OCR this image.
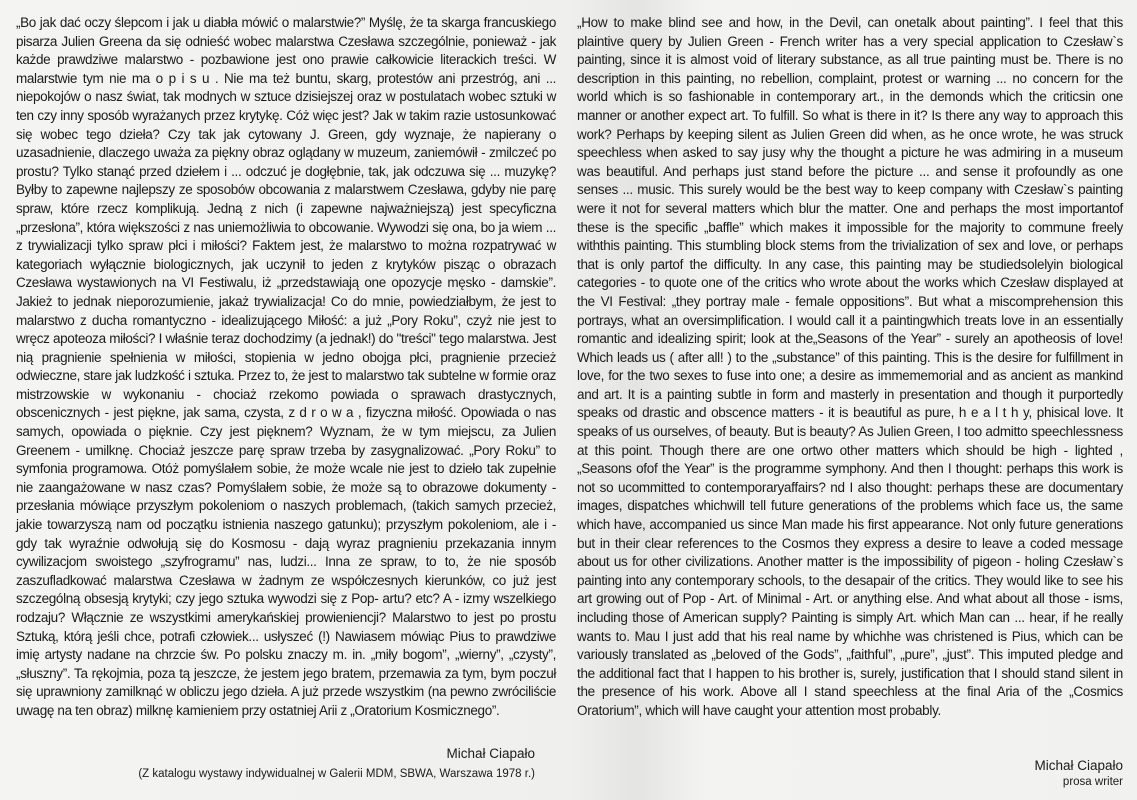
„Bo jak dać oczy ślepcom i jak u diabła mówić o malarstwie?” Myślę, że ta skarga francuskiego pisarza Julien Greena da się odnieść wobec malarstwa Czesława szczególnie, ponieważ - jak każde prawdziwe malarstwo - pozbawione jest ono prawie całkowicie literackich treści. W malarstwie tym nie ma o p i s u . Nie ma też buntu, skarg, protestów ani przestróg, ani ... niepokojów o nasz świat, tak modnych w sztuce dzisiejszej oraz w postulatach wobec sztuki w ten czy inny sposób wyrażanych przez krytykę. Cóż więc jest? Jak w takim razie ustosunkować się wobec tego dzieła? Czy tak jak cytowany J. Green, gdy wyznaje, że napierany o uzasadnienie, dlaczego uważa za piękny obraz oglądany w muzeum, zaniemówił - zmilczeć po prostu? Tylko stanąć przed dziełem i ... odczuć je dogłębnie, tak, jak odczuwa się ... muzykę? Byłby to zapewne najlepszy ze sposobów obcowania z malarstwem Czesława, gdyby nie parę spraw, które rzecz komplikują. Jedną z nich (i zapewne najważniejszą) jest specyficzna „przesłona”, która większości z nas uniemożliwia to obcowanie. Wywodzi się ona, bo ja wiem ... z trywializacji tylko spraw płci i miłości? Faktem jest, że malarstwo to można rozpatrywać w kategoriach wyłącznie biologicznych, jak uczynił to jeden z krytyków pisząc o obrazach Czesława wystawionych na VI Festiwalu, iż „przedstawiają one opozycje męsko - damskie”. Jakież to jednak nieporozumienie, jakaż trywializacja! Co do mnie, powiedziałbym, że jest to malarstwo z ducha romantyczno - idealizującego Miłość: a już „Pory Roku”, czyż nie jest to wręcz apoteoza miłości? I właśnie teraz dochodzimy (a jednak!) do "treści" tego malarstwa. Jest nią pragnienie spełnienia w miłości, stopienia w jedno obojga płci, pragnienie przecież odwieczne, stare jak ludzkość i sztuka. Przez to, że jest to malarstwo tak subtelne w formie oraz mistrzowskie w wykonaniu - chociaż rzekomo powiada o sprawach drastycznych, obscenicznych - jest piękne, jak sama, czysta, z d r o w a , fizyczna miłość. Opowiada o nas samych, opowiada o pięknie. Czy jest pięknem? Wyznam, że w tym miejscu, za Julien Greenem - umilknę. Chociaż jeszcze parę spraw trzeba by zasygnalizować. „Pory Roku” to symfonia programowa. Otóż pomyślałem sobie, że może wcale nie jest to dzieło tak zupełnie nie zaangażowane w nasz czas? Pomyślałem sobie, że może są to obrazowe dokumenty - przesłania mówiące przyszłym pokoleniom o naszych problemach, (takich samych przecież, jakie towarzyszą nam od początku istnienia naszego gatunku); przyszłym pokoleniom, ale i - gdy tak wyraźnie odwołują się do Kosmosu - dają wyraz pragnieniu przekazania innym cywilizacjom swoistego „szyfrogramu” nas, ludzi... Inna ze spraw, to to, że nie sposób zaszufladkować malarstwa Czesława w żadnym ze współczesnych kierunków, co już jest szczególną obsesją krytyki; czy jego sztuka wywodzi się z Pop- artu? etc? A - izmy wszelkiego rodzaju? Włącznie ze wszystkimi amerykańskiej prowieniencji? Malarstwo to jest po prostu Sztuką, którą jeśli chce, potrafi człowiek... usłyszeć (!) Nawiasem mówiąc Pius to prawdziwe imię artysty nadane na chrzcie św. Po polsku znaczy m. in. „miły bogom”, „wierny”, „czysty”,„słuszny”. Ta rękojmia, poza tą jeszcze, że jestem jego bratem, przemawia za tym, bym poczuł się uprawniony zamilknąć w obliczu jego dzieła. A już przede wszystkim (na pewno zwróciliście uwagę na ten obraz) milknę kamieniem przy ostatniej Arii z „Oratorium Kosmicznego”.

„How to make blind see and how, in the Devil, can onetalk about painting”. I feel that this plaintive query by Julien Green - French writer has a very special application to Czesław`s painting, since it is almost void of literary substance, as all true painting must be. There is no description in this painting, no rebellion, complaint, protest or warning ... no concern for the world which is so fashionable in contemporary art., in the demonds which the criticsin one manner or another expect art. To fulfill. So what is there in it? Is there any way to approach this work? Perhaps by keeping silent as Julien Green did when, as he once wrote, he was struck speechless when asked to say jusy why the thought a picture he was admiring in a museum was beautiful. And perhaps just stand before the picture ... and sense it profoundly as one senses ... music. This surely would be the best way to keep company with Czesław`s painting were it not for several matters which blur the matter. One and perhaps the most importantof these is the specific „baffle” which makes it impossible for the majority to commune freely withthis painting. This stumbling block stems from the trivialization of sex and love, or perhaps that is only partof the difficulty. In any case, this painting may be studiedsolelyin biological categories - to quote one of the critics who wrote about the works which Czesław displayed at the VI Festival: „they portray male - female oppositions”. But what a miscomprehension this portrays, what an oversimplification. I would call it a paintingwhich treats love in an essentially romantic and idealizing spirit; look at the„Seasons of the Year” - surely an apotheosis of love! Which leads us ( after all! ) to the „substance” of this painting. This is the desire for fulfillment in love, for the two sexes to fuse into one; a desire as immememorial and as ancient as mankind and art. It is a painting subtle in form and masterly in presentation and though it purportedly speaks od drastic and obscence matters - it is beautiful as pure, h e a l t h y, phisical love. It speaks of us ourselves, of beauty. But is beauty? As Julien Green, I too admitto speechlessness at this point. Though there are one ortwo other matters which should be high - lighted , „Seasons ofof the Year” is the programme symphony. And then I thought: perhaps this work is not so ucommitted to contemporaryaffairs? nd I also thought: perhaps these are documentary images, dispatches whichwill tell future generations of the problems which face us, the same which have, accompanied us since Man made his first appearance. Not only future generations but in their clear references to the Cosmos they express a desire to leave a coded message about us for other civilizations. Another matter is the impossibility of pigeon - holing Czesław`s painting into any contemporary schools, to the desapair of the critics. They would like to see his art growing out of Pop - Art. of Minimal - Art. or anything else. And what about all those - isms, including those of American supply? Painting is simply Art. which Man can ... hear, if he really wants to. Mau I just add that his real name by whichhe was christened is Pius, which can be variously translated as „beloved of the Gods”, „faithful”, „pure”, „just”. This imputed pledge and the additional fact that I happen to his brother is, surely, justification that I should stand silent in the presence of his work. Above all I stand speechless at the final Aria of the „Cosmics Oratorium”, which will have caught your attention most probably.

Michał Ciapało
(Z katalogu wystawy indywidualnej w Galerii MDM, SBWA, Warszawa 1978 r.)
Michał Ciapało
prosa writer
